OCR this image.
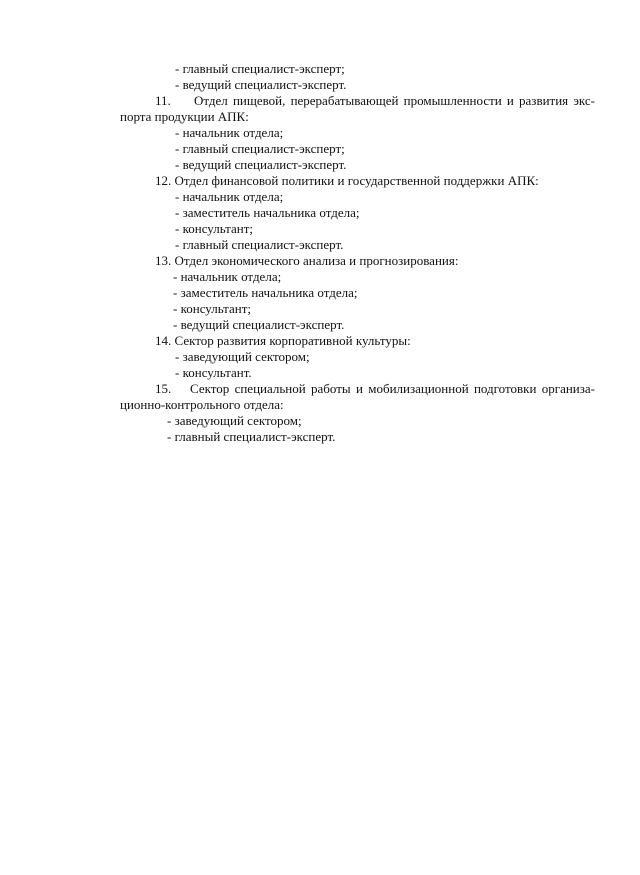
- главный специалист-эксперт;
- ведущий специалист-эксперт.
11. Отдел пищевой, перерабатывающей промышленности и развития экс-
порта продукции АПК:
- начальник отдела;
- главный специалист-эксперт;
- ведущий специалист-эксперт.
12. Отдел финансовой политики и государственной поддержки АПК:
- начальник отдела;
- заместитель начальника отдела;
- консультант;
- главный специалист-эксперт.
13. Отдел экономического анализа и прогнозирования:
- начальник отдела;
- заместитель начальника отдела;
- консультант;
- ведущий специалист-эксперт.
14. Сектор развития корпоративной культуры:
- заведующий сектором;
- консультант.
15. Сектор специальной работы и мобилизационной подготовки организа-
ционно-контрольного отдела:
- заведующий сектором;
- главный специалист-эксперт.
